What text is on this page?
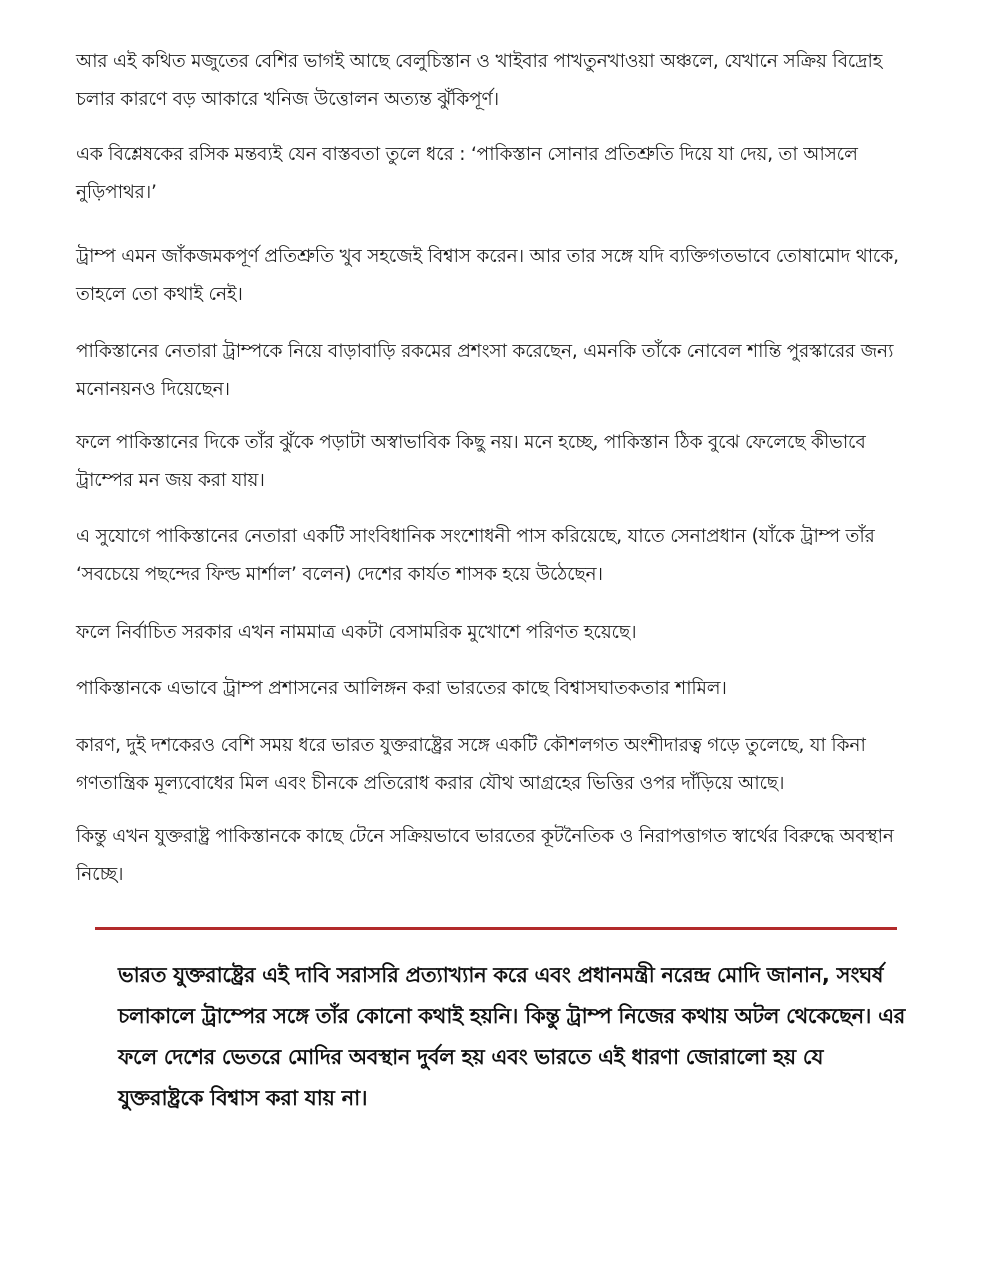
আর এই কথিত মজুতের বেশির ভাগই আছে বেলুচিস্তান ও খাইবার পাখতুনখাওয়া অঞ্চলে, যেখানে সক্রিয় বিদ্রোহ চলার কারণে বড় আকারে খনিজ উত্তোলন অত্যন্ত ঝুঁকিপূর্ণ।

এক বিশ্লেষকের রসিক মন্তব্যই যেন বাস্তবতা তুলে ধরে : ‘পাকিস্তান সোনার প্রতিশ্রুতি দিয়ে যা দেয়, তা আসলে নুড়িপাথর।’

ট্রাম্প এমন জাঁকজমকপূর্ণ প্রতিশ্রুতি খুব সহজেই বিশ্বাস করেন। আর তার সঙ্গে যদি ব্যক্তিগতভাবে তোষামোদ থাকে, তাহলে তো কথাই নেই।

পাকিস্তানের নেতারা ট্রাম্পকে নিয়ে বাড়াবাড়ি রকমের প্রশংসা করেছেন, এমনকি তাঁকে নোবেল শান্তি পুরস্কারের জন্য মনোনয়নও দিয়েছেন।

ফলে পাকিস্তানের দিকে তাঁর ঝুঁকে পড়াটা অস্বাভাবিক কিছু নয়। মনে হচ্ছে, পাকিস্তান ঠিক বুঝে ফেলেছে কীভাবে ট্রাম্পের মন জয় করা যায়।

এ সুযোগে পাকিস্তানের নেতারা একটি সাংবিধানিক সংশোধনী পাস করিয়েছে, যাতে সেনাপ্রধান (যাঁকে ট্রাম্প তাঁর ‘সবচেয়ে পছন্দের ফিল্ড মার্শাল’ বলেন) দেশের কার্যত শাসক হয়ে উঠেছেন।

ফলে নির্বাচিত সরকার এখন নামমাত্র একটা বেসামরিক মুখোশে পরিণত হয়েছে।

পাকিস্তানকে এভাবে ট্রাম্প প্রশাসনের আলিঙ্গন করা ভারতের কাছে বিশ্বাসঘাতকতার শামিল।

কারণ, দুই দশকেরও বেশি সময় ধরে ভারত যুক্তরাষ্ট্রের সঙ্গে একটি কৌশলগত অংশীদারত্ব গড়ে তুলেছে, যা কিনা গণতান্ত্রিক মূল্যবোধের মিল এবং চীনকে প্রতিরোধ করার যৌথ আগ্রহের ভিত্তির ওপর দাঁড়িয়ে আছে।

কিন্তু এখন যুক্তরাষ্ট্র পাকিস্তানকে কাছে টেনে সক্রিয়ভাবে ভারতের কূটনৈতিক ও নিরাপত্তাগত স্বার্থের বিরুদ্ধে অবস্থান নিচ্ছে।

ভারত যুক্তরাষ্ট্রের এই দাবি সরাসরি প্রত্যাখ্যান করে এবং প্রধানমন্ত্রী নরেন্দ্র মোদি জানান, সংঘর্ষ চলাকালে ট্রাম্পের সঙ্গে তাঁর কোনো কথাই হয়নি। কিন্তু ট্রাম্প নিজের কথায় অটল থেকেছেন। এর ফলে দেশের ভেতরে মোদির অবস্থান দুর্বল হয় এবং ভারতে এই ধারণা জোরালো হয় যে যুক্তরাষ্ট্রকে বিশ্বাস করা যায় না।
